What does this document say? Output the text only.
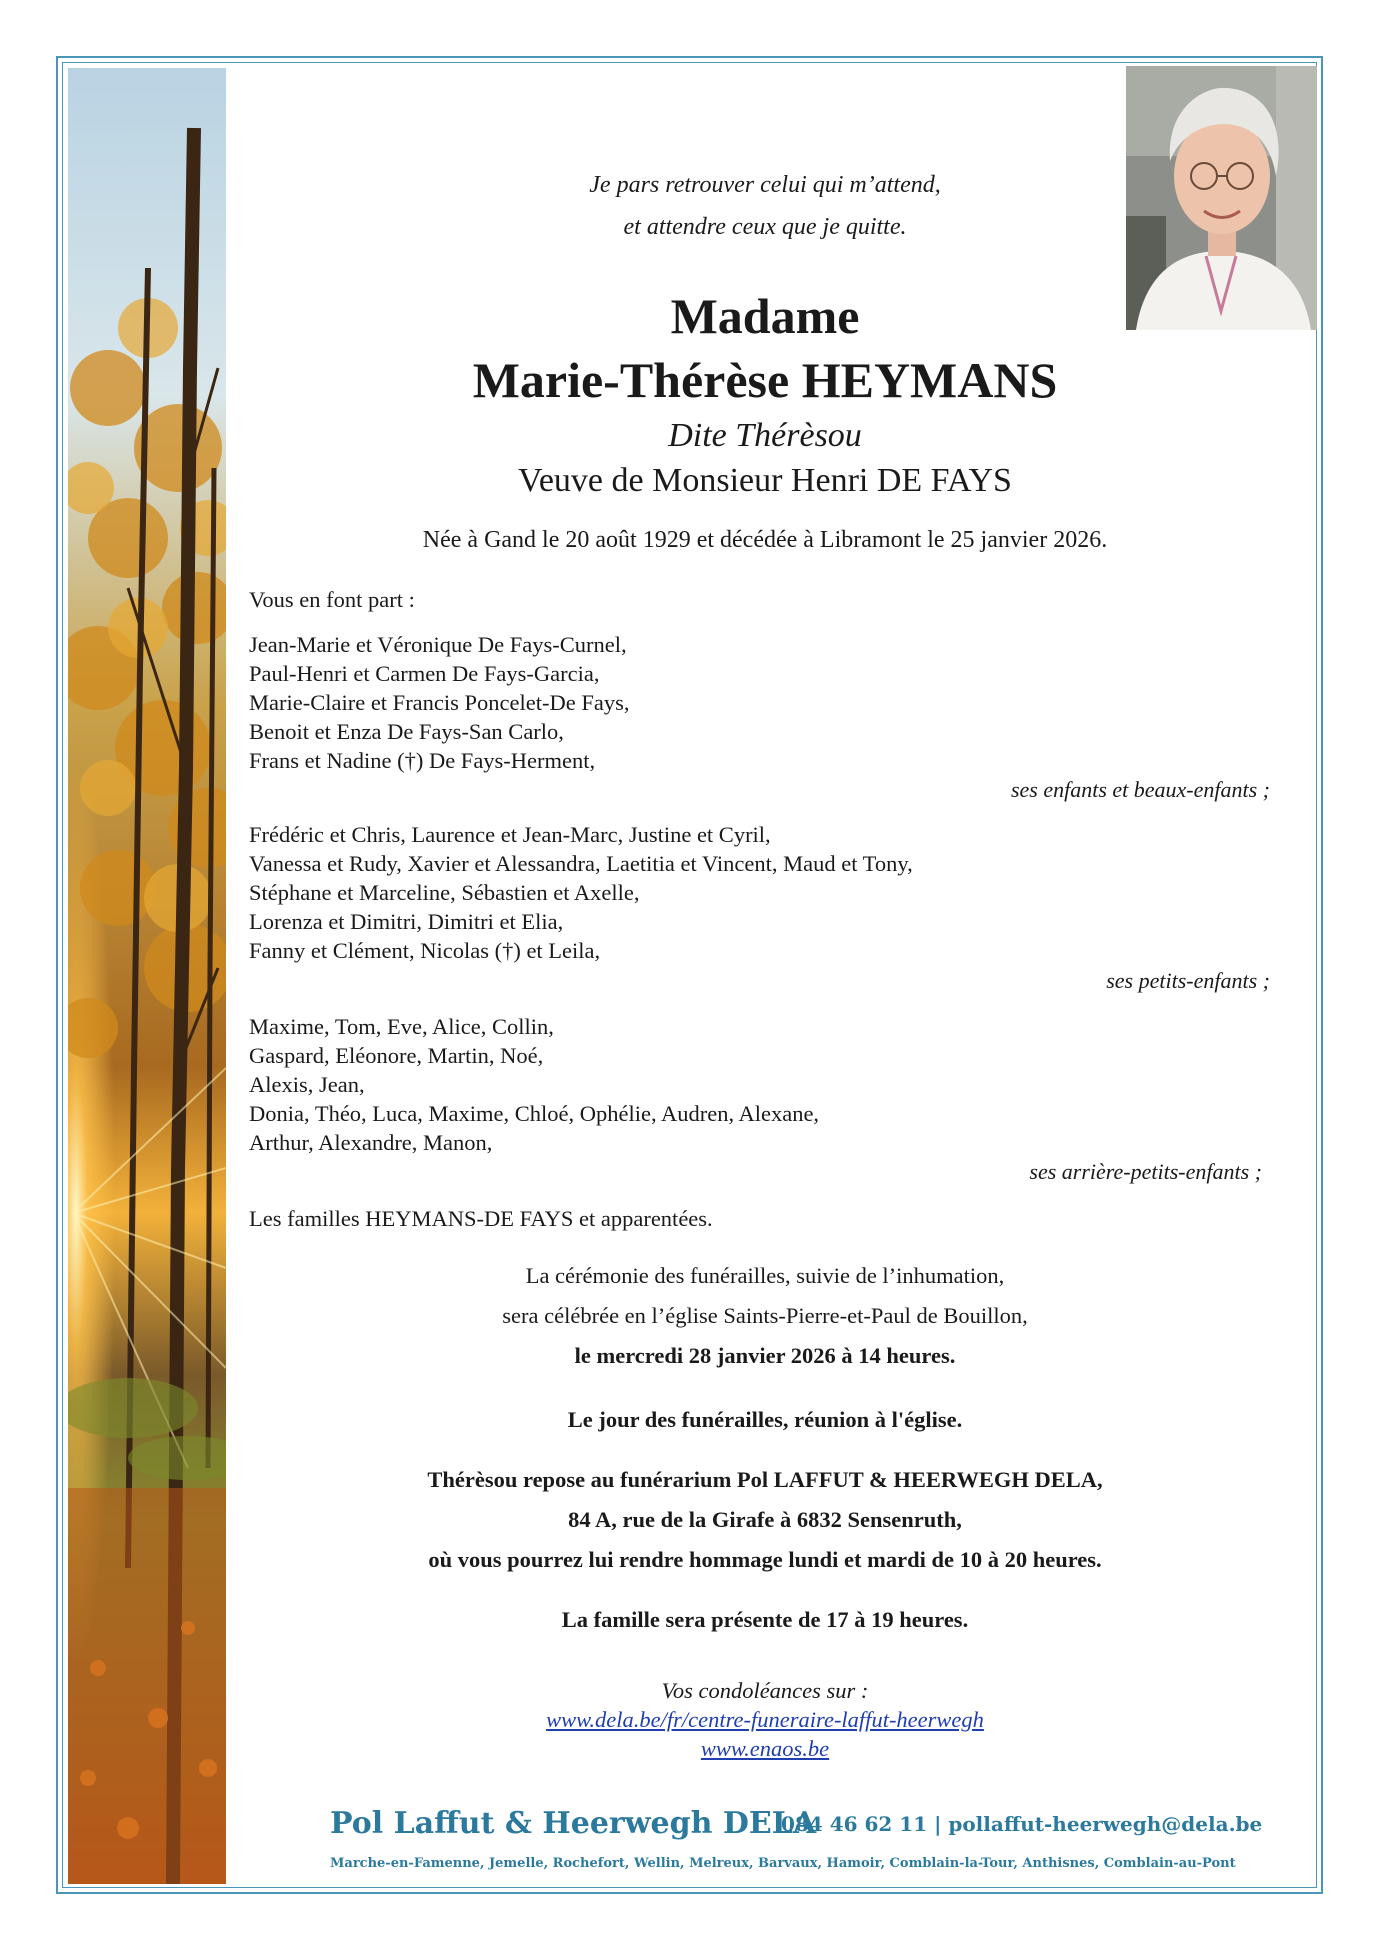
Je pars retrouver celui qui m’attend,
et attendre ceux que je quitte.
Madame
Marie-Thérèse HEYMANS
Dite Thérèsou
Veuve de Monsieur Henri DE FAYS
Née à Gand le 20 août 1929 et décédée à Libramont le 25 janvier 2026.
Vous en font part :

Jean-Marie et Véronique De Fays-Curnel,

Paul-Henri et Carmen De Fays-Garcia,

Marie-Claire et Francis Poncelet-De Fays,

Benoit et Enza De Fays-San Carlo,

Frans et Nadine (†) De Fays-Herment,

ses enfants et beaux-enfants ;

Frédéric et Chris, Laurence et Jean-Marc, Justine et Cyril,

Vanessa et Rudy, Xavier et Alessandra, Laetitia et Vincent, Maud et Tony,

Stéphane et Marceline, Sébastien et Axelle,

Lorenza et Dimitri, Dimitri et Elia,

Fanny et Clément, Nicolas (†) et Leila,

ses petits-enfants ;

Maxime, Tom, Eve, Alice, Collin,

Gaspard, Eléonore, Martin, Noé,

Alexis, Jean,

Donia, Théo, Luca, Maxime, Chloé, Ophélie, Audren, Alexane,

Arthur, Alexandre, Manon,

ses arrière-petits-enfants ;
Les familles HEYMANS-DE FAYS et apparentées.
La cérémonie des funérailles, suivie de l’inhumation,
sera célébrée en l’église Saints-Pierre-et-Paul de Bouillon,
le mercredi 28 janvier 2026 à 14 heures.
Le jour des funérailles, réunion à l'église.
Thérèsou repose au funérarium Pol LAFFUT & HEERWEGH DELA,
84 A, rue de la Girafe à 6832 Sensenruth,
où vous pourrez lui rendre hommage lundi et mardi de 10 à 20 heures.
La famille sera présente de 17 à 19 heures.
Vos condoléances sur :
www.dela.be/fr/centre-funeraire-laffut-heerwegh
www.enaos.be
Pol Laffut & Heerwegh DELA
084 46 62 11 | pollaffut-heerwegh@dela.be
Marche-en-Famenne, Jemelle, Rochefort, Wellin, Melreux, Barvaux, Hamoir, Comblain-la-Tour, Anthisnes, Comblain-au-Pont
